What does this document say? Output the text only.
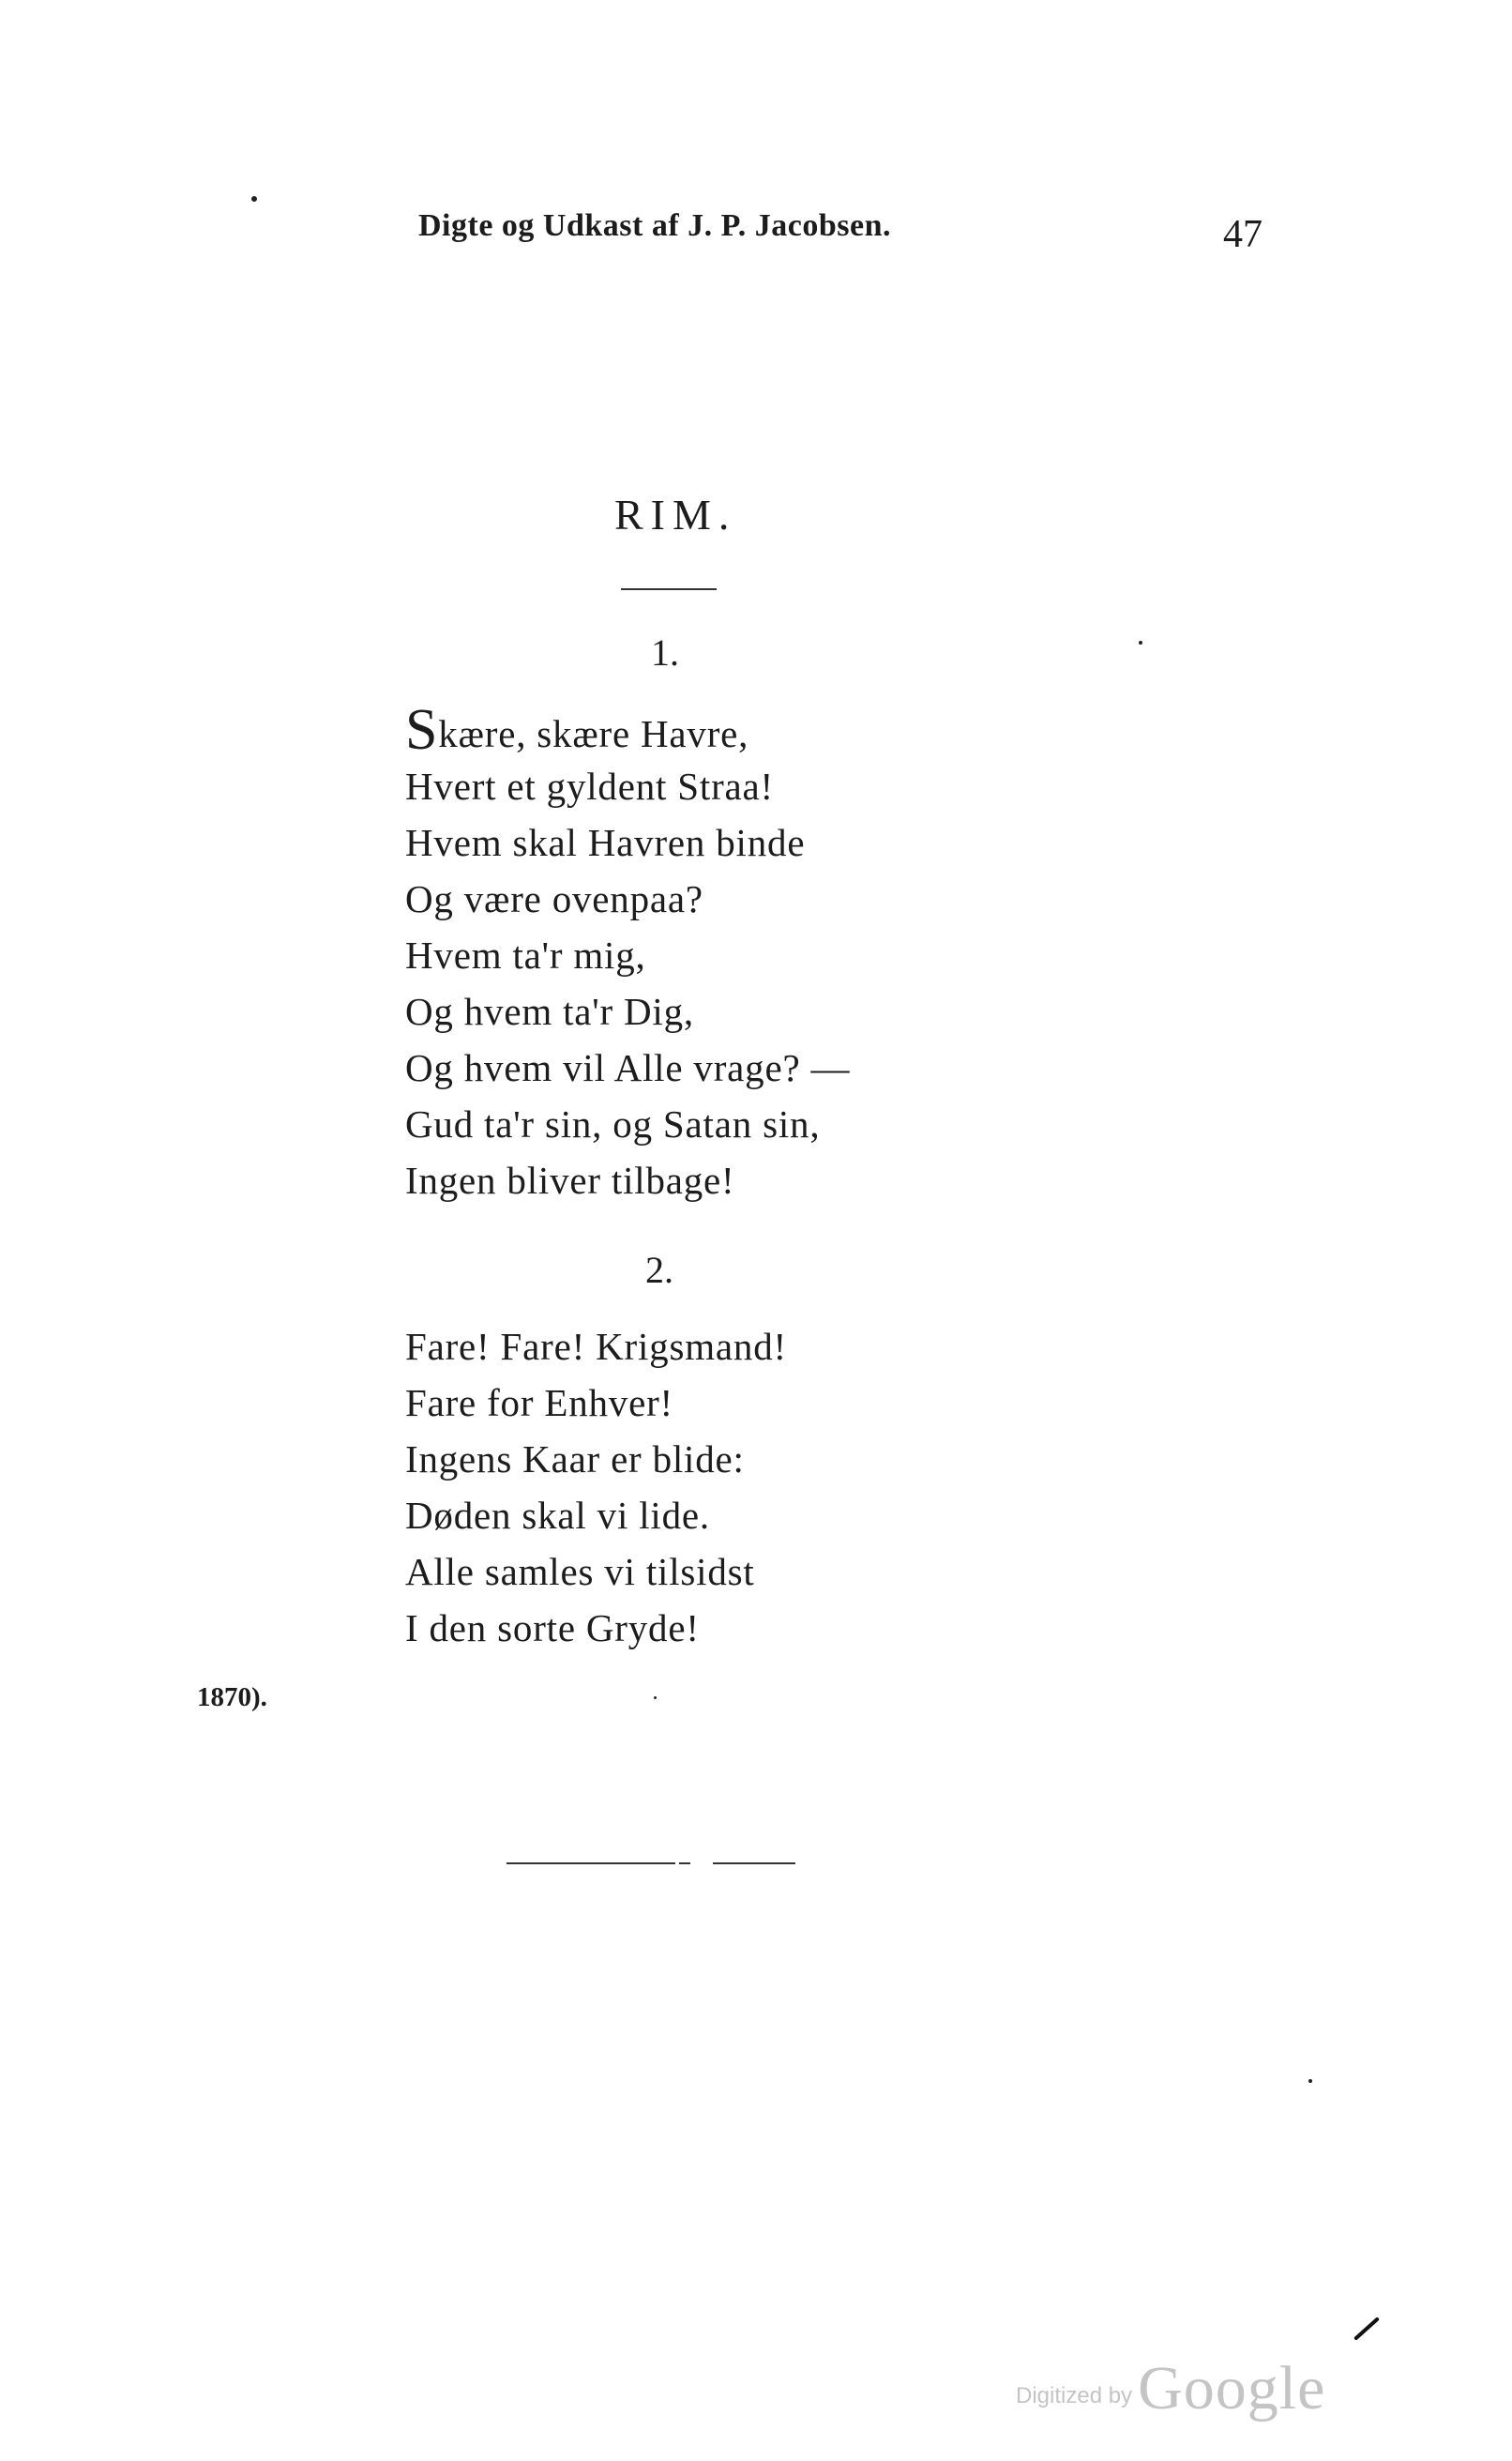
Digte og Udkast af J. P. Jacobsen.	47
RIM.
1.
Skære, skære Havre,
Hvert et gyldent Straa!
Hvem skal Havren binde
Og være ovenpaa?
Hvem ta'r mig,
Og hvem ta'r Dig,
Og hvem vil Alle vrage? —
Gud ta'r sin, og Satan sin,
Ingen bliver tilbage!
2.
Fare! Fare! Krigsmand!
Fare for Enhver!
Ingens Kaar er blide:
Døden skal vi lide.
Alle samles vi tilsidst
I den sorte Gryde!
1870).
Digitized byGoogle
